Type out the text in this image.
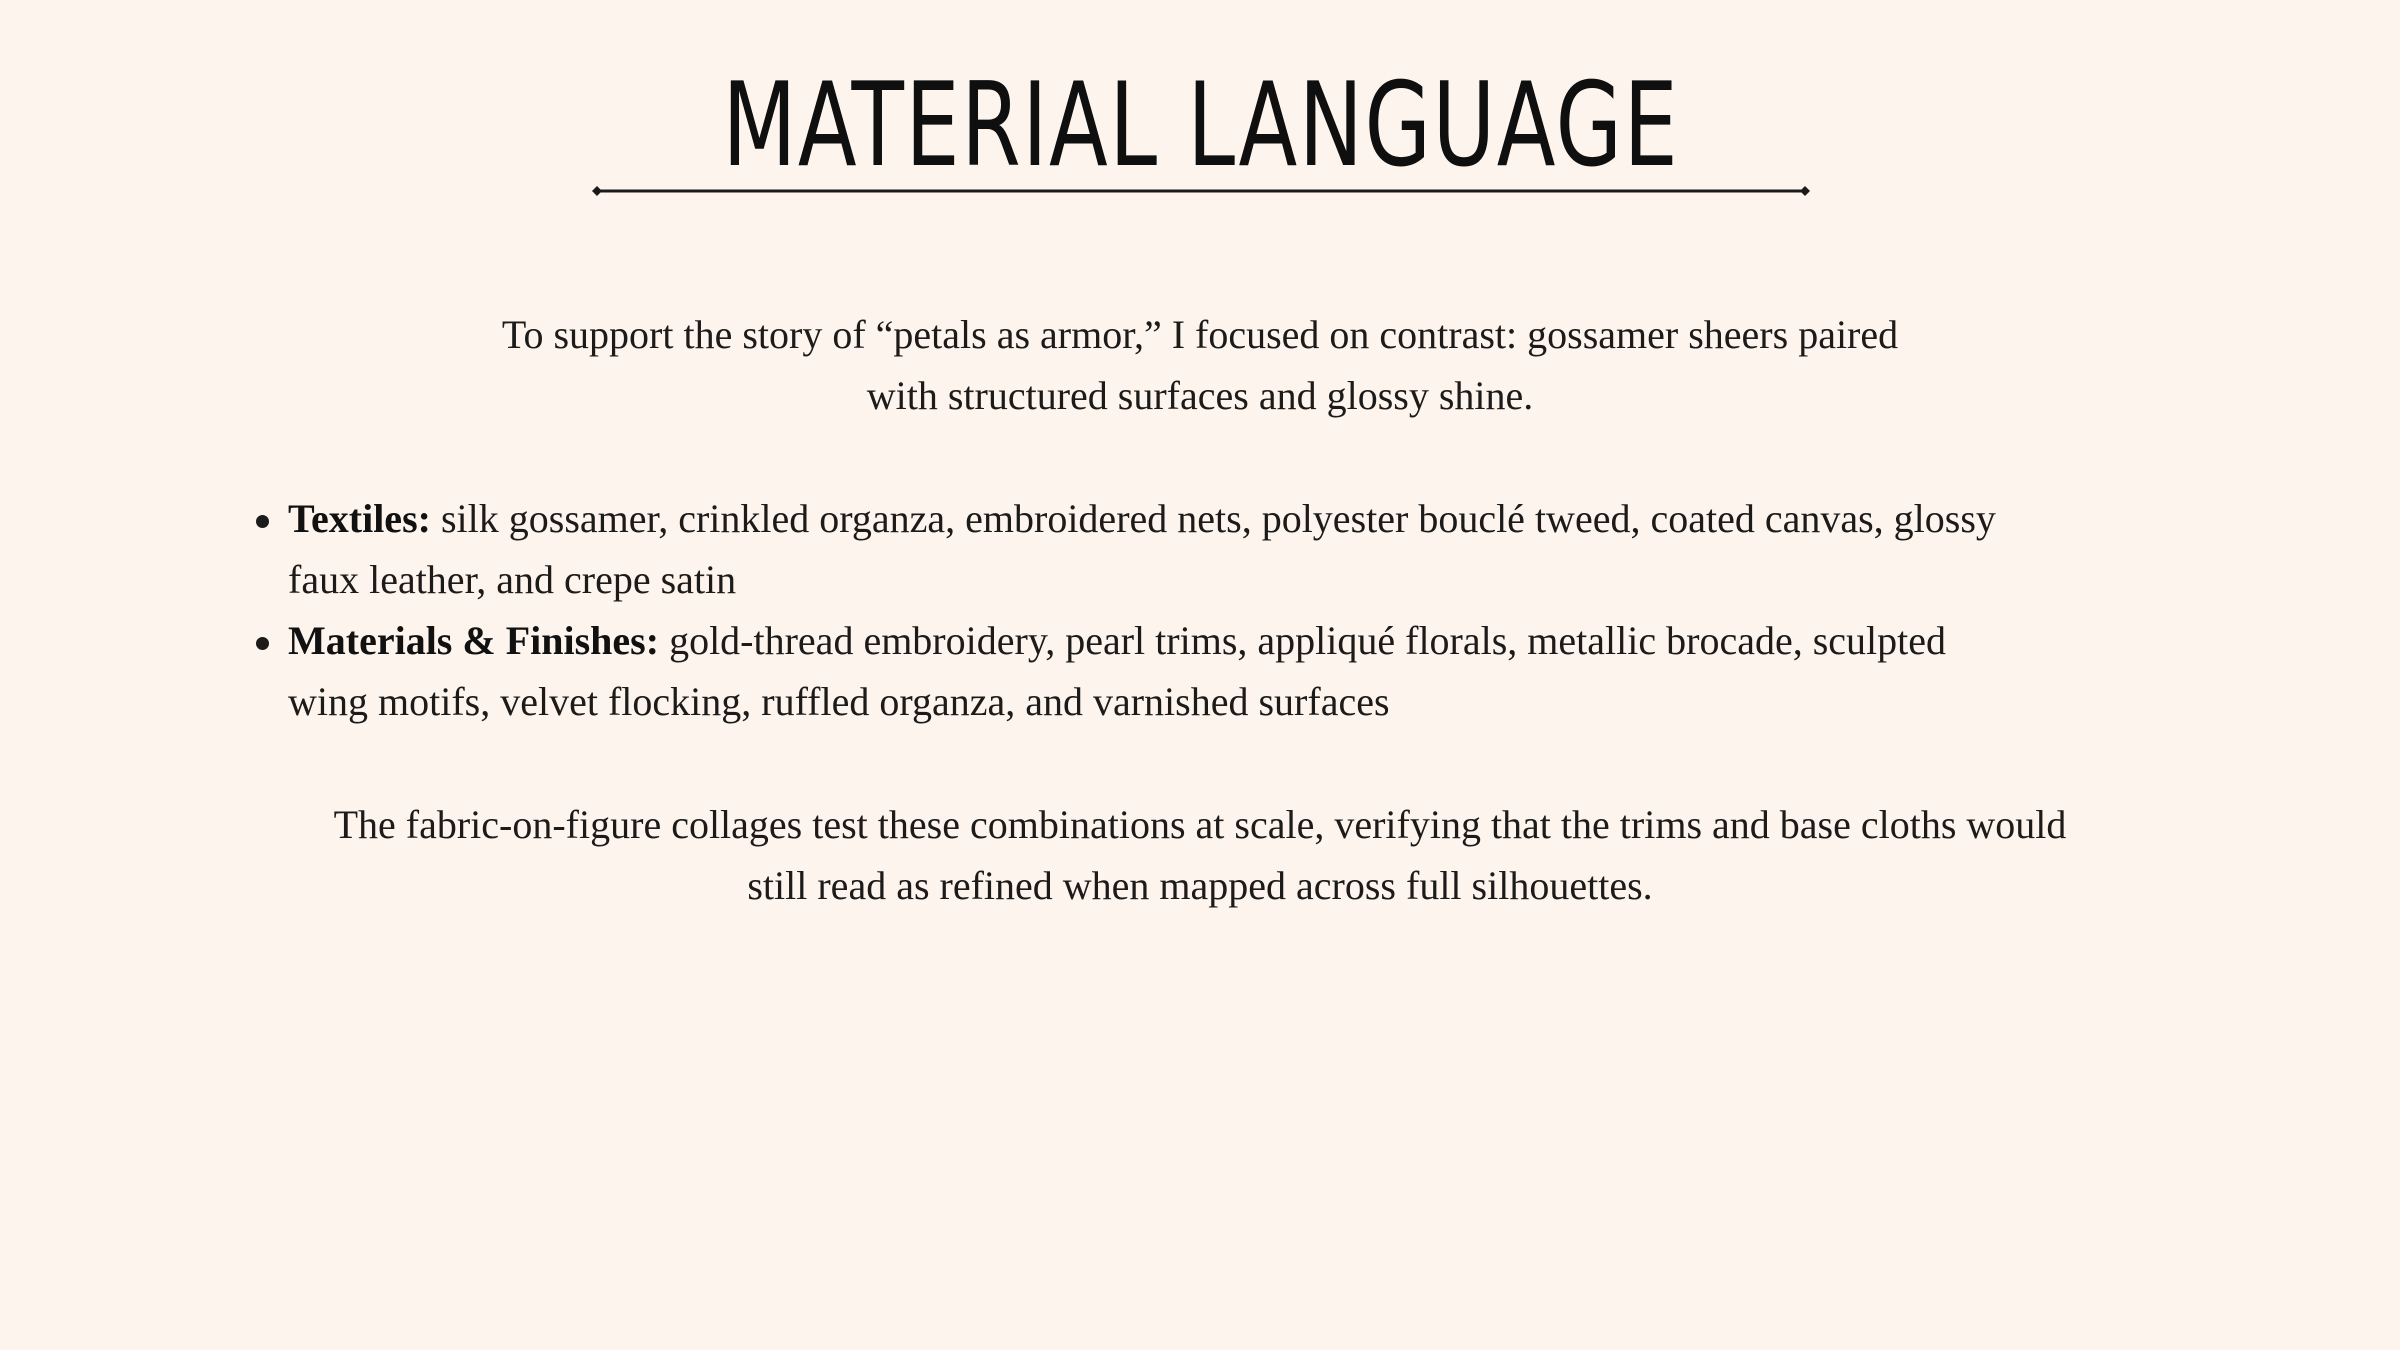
MATERIAL LANGUAGE

To support the story of “petals as armor,” I focused on contrast: gossamer sheers paired
with structured surfaces and glossy shine.

Textiles: silk gossamer, crinkled organza, embroidered nets, polyester bouclé tweed, coated canvas, glossy
faux leather, and crepe satin
Materials & Finishes: gold-thread embroidery, pearl trims, appliqué florals, metallic brocade, sculpted
wing motifs, velvet flocking, ruffled organza, and varnished surfaces

The fabric-on-figure collages test these combinations at scale, verifying that the trims and base cloths would
still read as refined when mapped across full silhouettes.
